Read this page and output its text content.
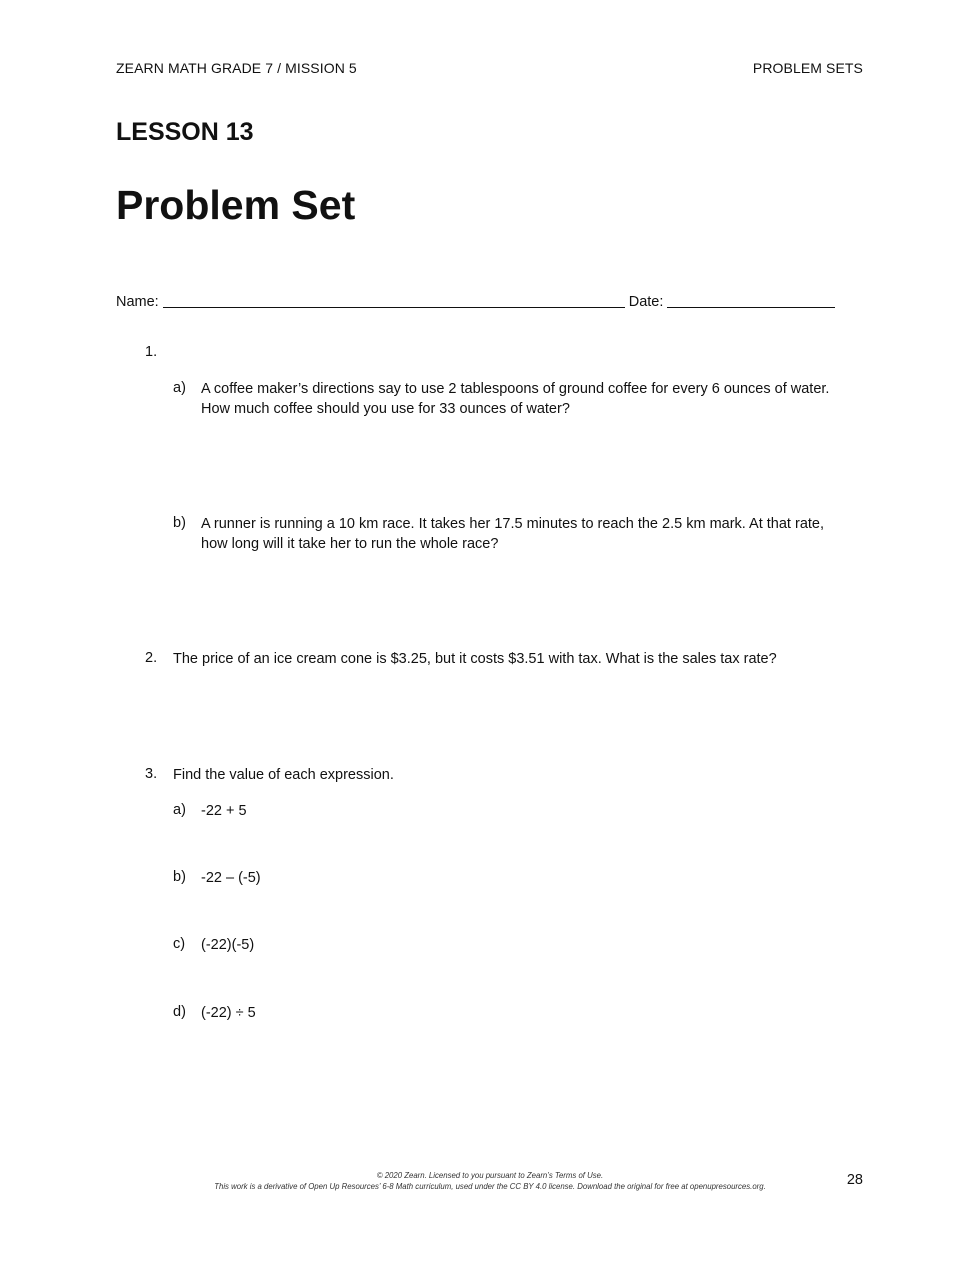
ZEARN MATH GRADE 7 / MISSION 5	PROBLEM SETS
LESSON 13
Problem Set
Name:	Date:
1.
a) A coffee maker’s directions say to use 2 tablespoons of ground coffee for every 6 ounces of water.
How much coffee should you use for 33 ounces of water?
b) A runner is running a 10 km race. It takes her 17.5 minutes to reach the 2.5 km mark. At that rate,
how long will it take her to run the whole race?
2. The price of an ice cream cone is $3.25, but it costs $3.51 with tax. What is the sales tax rate?
3. Find the value of each expression.
a) -22 + 5
b) -22 – (-5)
c) (-22)(-5)
d) (-22) ÷ 5
© 2020 Zearn. Licensed to you pursuant to Zearn’s Terms of Use.
This work is a derivative of Open Up Resources’ 6-8 Math curriculum, used under the CC BY 4.0 license. Download the original for free at openupresources.org.	28
